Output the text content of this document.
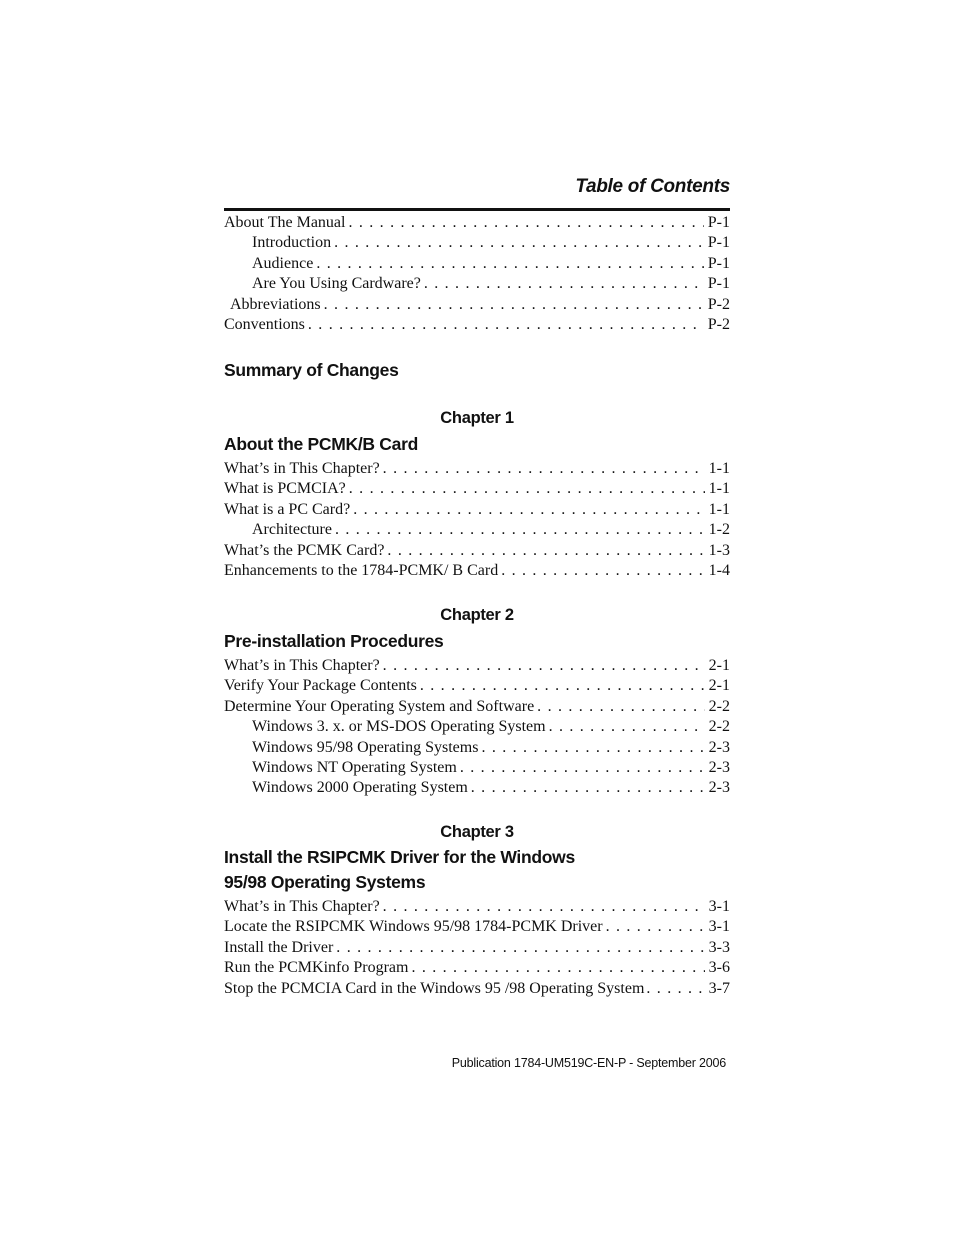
Table of Contents
About The Manual . . .	P-1
Introduction . . .	P-1
Audience . . .	P-1
Are You Using Cardware? . . .	P-1
Abbreviations . . .	P-2
Conventions . . .	P-2
Summary of Changes
Chapter 1
About the PCMK/B Card
What’s in This Chapter? . . .	1-1
What is PCMCIA? . . .	1-1
What is a PC Card? . . .	1-1
Architecture . . .	1-2
What’s the PCMK Card? . . .	1-3
Enhancements to the 1784-PCMK/ B Card . . .	1-4
Chapter 2
Pre-installation Procedures
What’s in This Chapter? . . .	2-1
Verify Your Package Contents . . .	2-1
Determine Your Operating System and Software . . .	2-2
Windows 3. x. or MS-DOS Operating System . . .	2-2
Windows 95/98 Operating Systems . . .	2-3
Windows NT Operating System . . .	2-3
Windows 2000 Operating System . . .	2-3
Chapter 3
Install the RSIPCMK Driver for the Windows
95/98 Operating Systems
What’s in This Chapter? . . .	3-1
Locate the RSIPCMK Windows 95/98 1784-PCMK Driver . . .	3-1
Install the Driver . . .	3-3
Run the PCMKinfo Program . . .	3-6
Stop the PCMCIA Card in the Windows 95 /98 Operating System . . .	3-7
Publication 1784-UM519C-EN-P - September 2006
